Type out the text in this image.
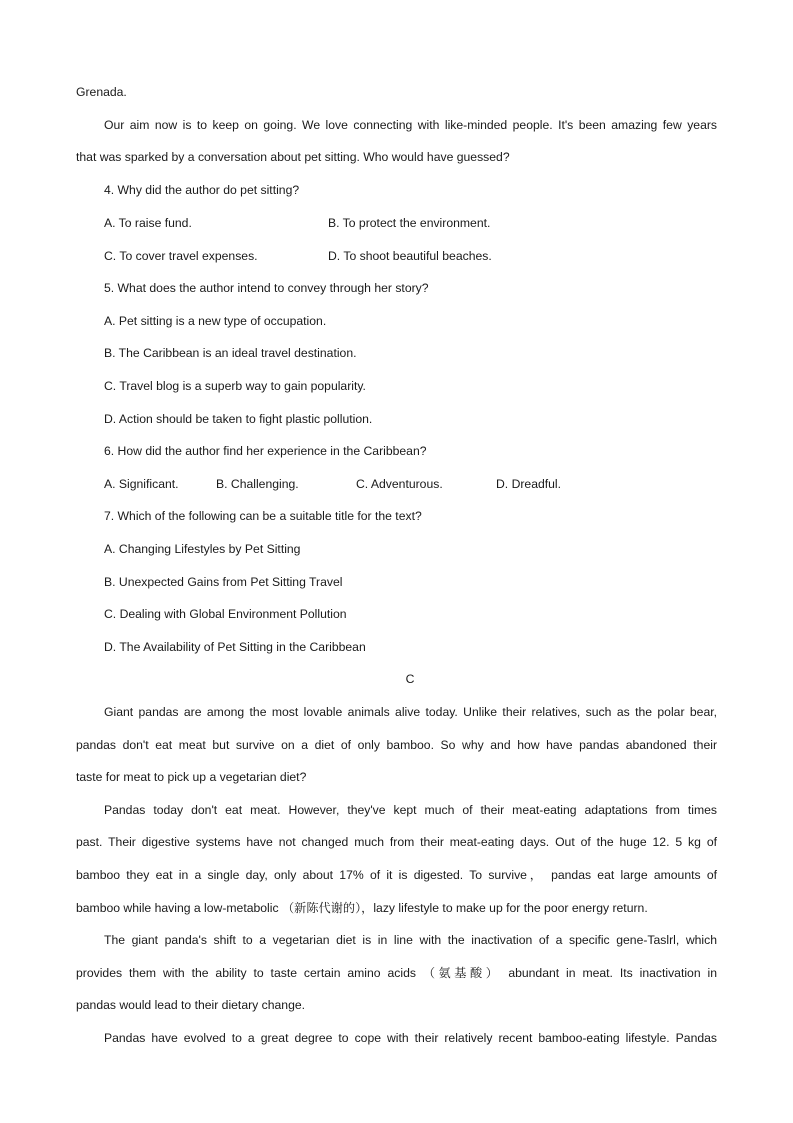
Grenada.
Our aim now is to keep on going. We love connecting with like-minded people. It's been amazing few years
that was sparked by a conversation about pet sitting. Who would have guessed?
4. Why did the author do pet sitting?
A. To raise fund.	B. To protect the environment.
C. To cover travel expenses.	D. To shoot beautiful beaches.
5. What does the author intend to convey through her story?
A. Pet sitting is a new type of occupation.
B. The Caribbean is an ideal travel destination.
C. Travel blog is a superb way to gain popularity.
D. Action should be taken to fight plastic pollution.
6. How did the author find her experience in the Caribbean?
A. Significant.	B. Challenging.	C. Adventurous.	D. Dreadful.
7. Which of the following can be a suitable title for the text?
A. Changing Lifestyles by Pet Sitting
B. Unexpected Gains from Pet Sitting Travel
C. Dealing with Global Environment Pollution
D. The Availability of Pet Sitting in the Caribbean
C
Giant pandas are among the most lovable animals alive today. Unlike their relatives, such as the polar bear,
pandas don't eat meat but survive on a diet of only bamboo. So why and how have pandas abandoned their
taste for meat to pick up a vegetarian diet?
Pandas today don't eat meat. However, they've kept much of their meat-eating adaptations from times
past. Their digestive systems have not changed much from their meat-eating days. Out of the huge 12. 5 kg of
bamboo they eat in a single day, only about 17% of it is digested. To survive， pandas eat large amounts of
bamboo while having a low-metabolic （新陈代谢的），lazy lifestyle to make up for the poor energy return.
The giant panda's shift to a vegetarian diet is in line with the inactivation of a specific gene-Taslrl, which
provides them with the ability to taste certain amino acids （氨基酸） abundant in meat. Its inactivation in
pandas would lead to their dietary change.
Pandas have evolved to a great degree to cope with their relatively recent bamboo-eating lifestyle. Pandas
